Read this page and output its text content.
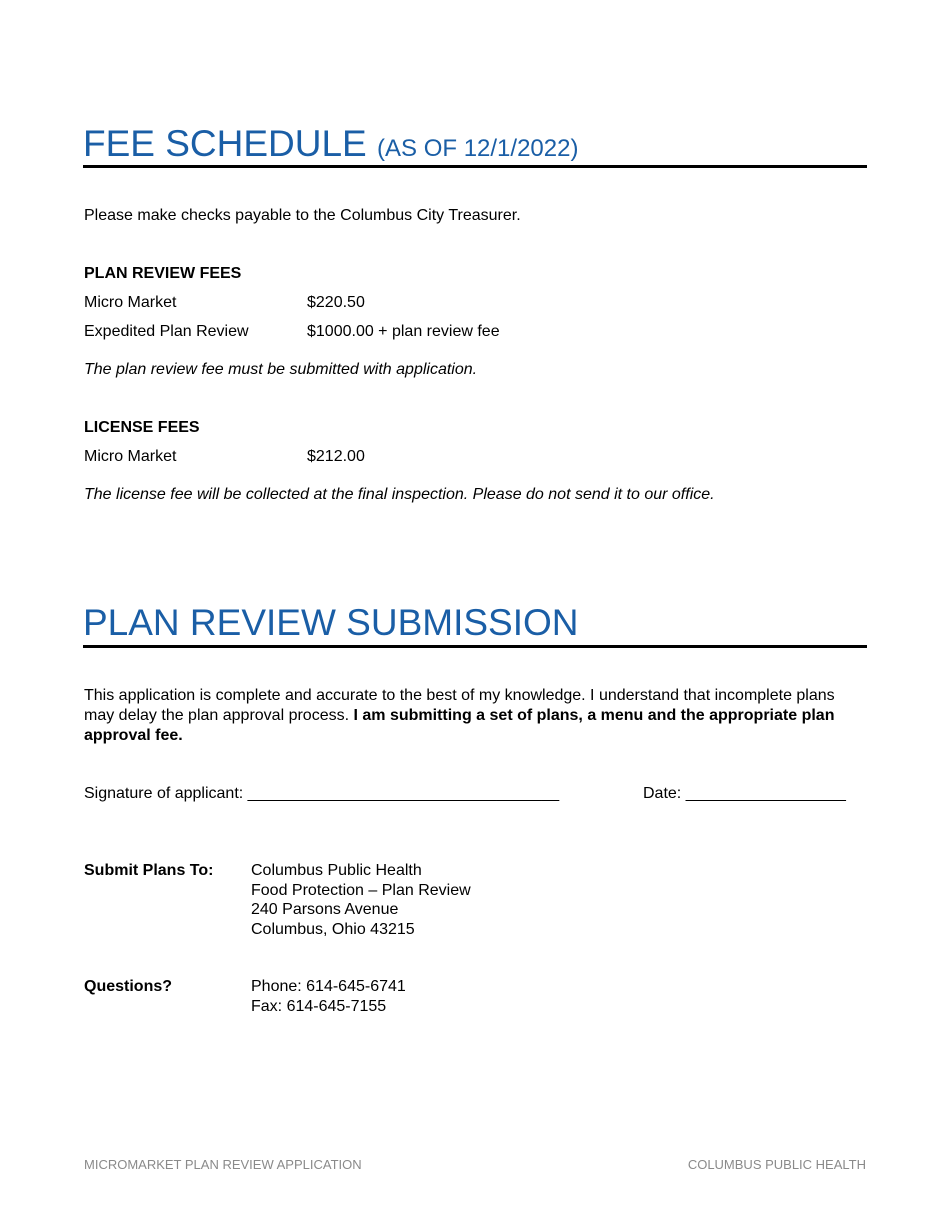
FEE SCHEDULE (AS OF 12/1/2022)
Please make checks payable to the Columbus City Treasurer.
PLAN REVIEW FEES
Micro Market	$220.50
Expedited Plan Review	$1000.00 + plan review fee
The plan review fee must be submitted with application.
LICENSE FEES
Micro Market	$212.00
The license fee will be collected at the final inspection. Please do not send it to our office.
PLAN REVIEW SUBMISSION
This application is complete and accurate to the best of my knowledge. I understand that incomplete plans may delay the plan approval process. I am submitting a set of plans, a menu and the appropriate plan approval fee.
Signature of applicant: ___________________________________	Date: __________________
Submit Plans To: Columbus Public Health
Food Protection – Plan Review
240 Parsons Avenue
Columbus, Ohio 43215
Questions?	Phone: 614-645-6741
Fax: 614-645-7155
MICROMARKET PLAN REVIEW APPLICATION	COLUMBUS PUBLIC HEALTH
